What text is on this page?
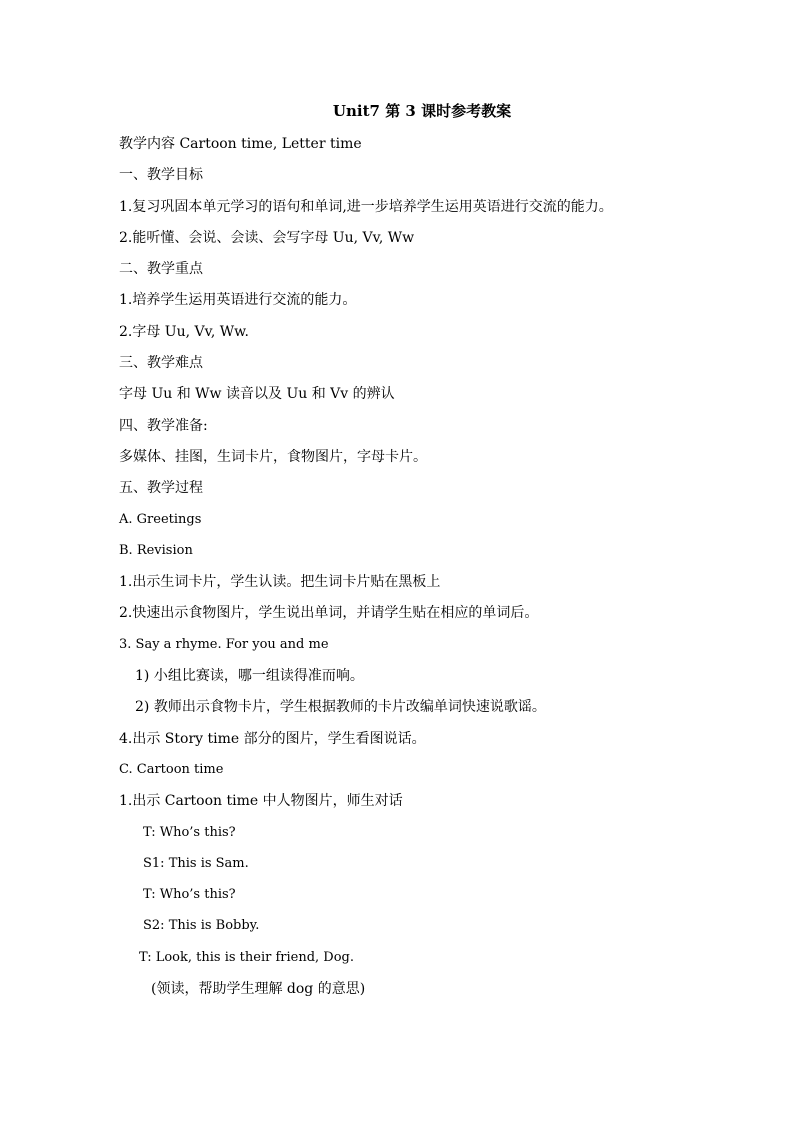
Unit7 第 3 课时参考教案
教学内容 Cartoon time, Letter time
一、教学目标
1.复习巩固本单元学习的语句和单词,进一步培养学生运用英语进行交流的能力。
2.能听懂、会说、会读、会写字母 Uu, Vv, Ww
二、教学重点
1.培养学生运用英语进行交流的能力。
2.字母 Uu, Vv, Ww.
三、教学难点
字母 Uu 和 Ww 读音以及 Uu 和 Vv 的辨认
四、教学准备:
多媒体、挂图，生词卡片，食物图片，字母卡片。
五、教学过程
A. Greetings
B. Revision
1.出示生词卡片，学生认读。把生词卡片贴在黑板上
2.快速出示食物图片，学生说出单词，并请学生贴在相应的单词后。
3. Say a rhyme. For you and me
1) 小组比赛读，哪一组读得准而响。
2) 教师出示食物卡片，学生根据教师的卡片改编单词快速说歌谣。
4.出示 Story time 部分的图片，学生看图说话。
C. Cartoon time
1.出示 Cartoon time 中人物图片，师生对话
T: Who’s this?
S1: This is Sam.
T: Who’s this?
S2: This is Bobby.
T: Look, this is their friend, Dog.
(领读，帮助学生理解 dog 的意思)
